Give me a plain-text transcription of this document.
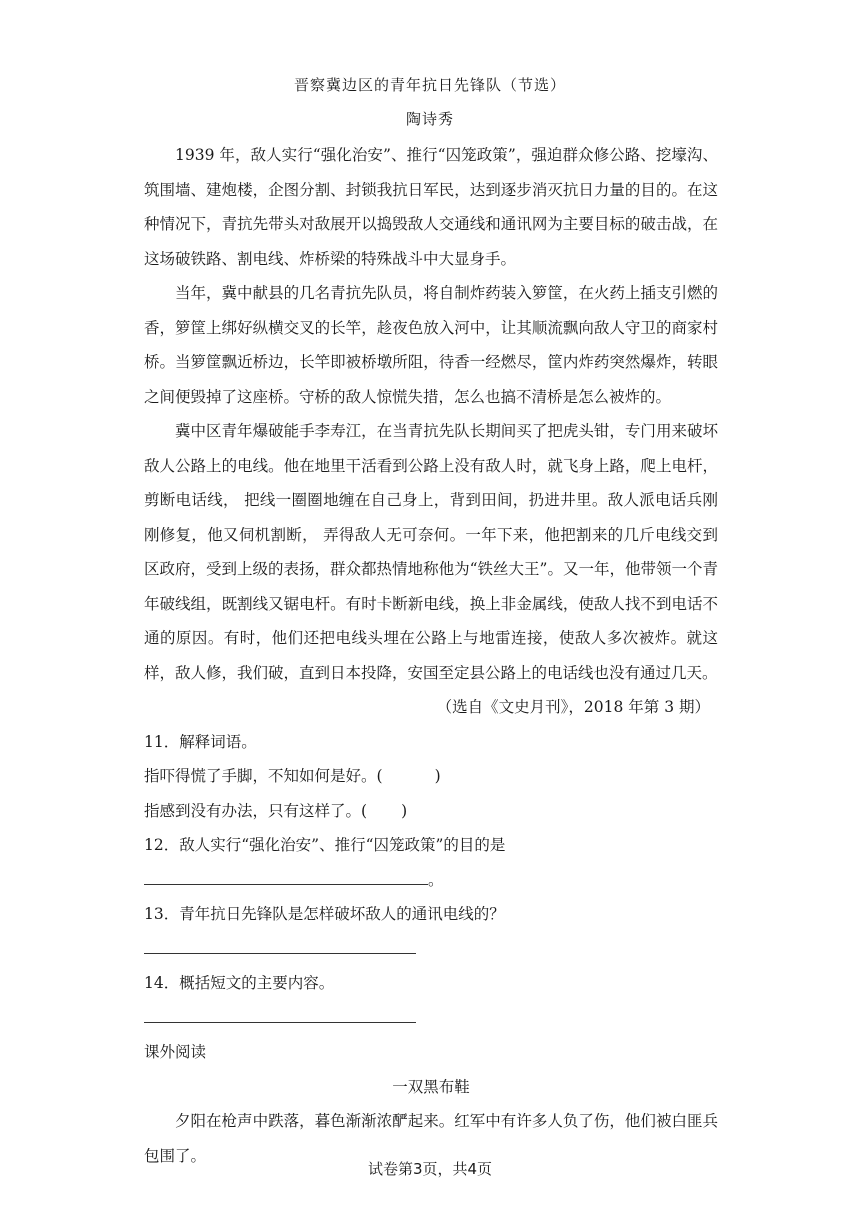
晋察冀边区的青年抗日先锋队（节选）
陶诗秀

1939 年，敌人实行“强化治安”、推行“囚笼政策”，强迫群众修公路、挖壕沟、筑围墙、建炮楼，企图分割、封锁我抗日军民，达到逐步消灭抗日力量的目的。在这种情况下，青抗先带头对敌展开以捣毁敌人交通线和通讯网为主要目标的破击战，在这场破铁路、割电线、炸桥梁的特殊战斗中大显身手。

当年，冀中献县的几名青抗先队员，将自制炸药装入箩筐，在火药上插支引燃的香，箩筐上绑好纵横交叉的长竿，趁夜色放入河中，让其顺流飘向敌人守卫的商家村桥。当箩筐飘近桥边，长竿即被桥墩所阻，待香一经燃尽，筐内炸药突然爆炸，转眼之间便毁掉了这座桥。守桥的敌人惊慌失措，怎么也搞不清桥是怎么被炸的。

冀中区青年爆破能手李寿江，在当青抗先队长期间买了把虎头钳，专门用来破坏敌人公路上的电线。他在地里干活看到公路上没有敌人时，就飞身上路，爬上电杆，剪断电话线， 把线一圈圈地缠在自己身上，背到田间，扔进井里。敌人派电话兵刚刚修复，他又伺机割断， 弄得敌人无可奈何。一年下来，他把割来的几斤电线交到区政府，受到上级的表扬，群众都热情地称他为“铁丝大王”。又一年，他带领一个青年破线组，既割线又锯电杆。有时卡断新电线，换上非金属线，使敌人找不到电话不通的原因。有时，他们还把电线头埋在公路上与地雷连接，使敌人多次被炸。就这样，敌人修，我们破，直到日本投降，安国至定县公路上的电话线也没有通过几天。

（选自《文史月刊》，2018 年第 3 期）

11．解释词语。

指吓得慌了手脚，不知如何是好。(	)

指感到没有办法，只有这样了。( )

12．敌人实行“强化治安”、推行“囚笼政策”的目的是

。

13．青年抗日先锋队是怎样破坏敌人的通讯电线的？

14．概括短文的主要内容。

课外阅读

一双黑布鞋

夕阳在枪声中跌落，暮色渐渐浓酽起来。红军中有许多人负了伤，他们被白匪兵包围了。

试卷第3页，共4页
